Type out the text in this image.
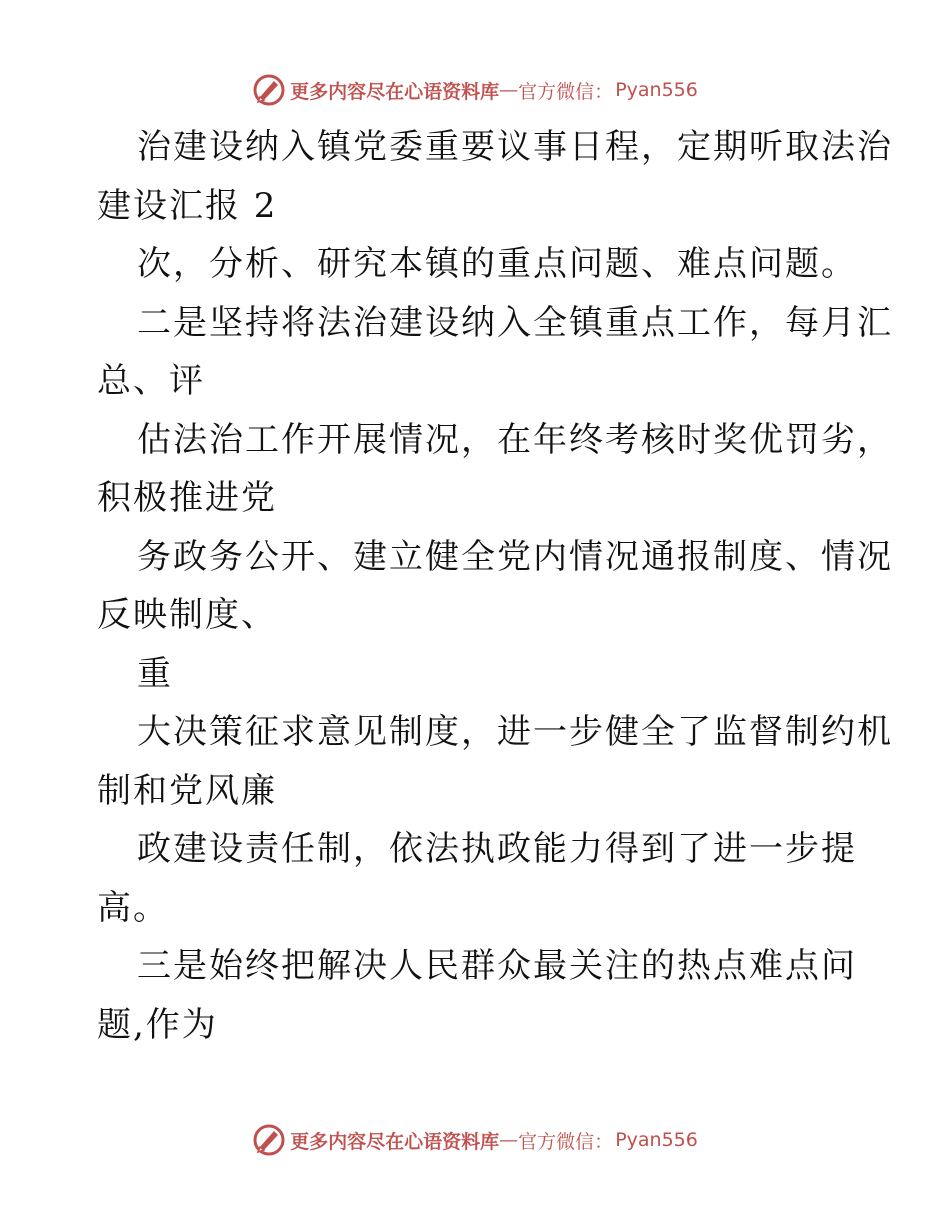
更多内容尽在心语资料库 — 官方微信： Pyan556
治建设纳入镇党委重要议事日程，定期听取法治
建设汇报 2
次，分析、研究本镇的重点问题、难点问题。
二是坚持将法治建设纳入全镇重点工作，每月汇
总、评
估法治工作开展情况，在年终考核时奖优罚劣，
积极推进党
务政务公开、建立健全党内情况通报制度、情况
反映制度、
重
大决策征求意见制度，进一步健全了监督制约机
制和党风廉
政建设责任制，依法执政能力得到了进一步提
高。
三是始终把解决人民群众最关注的热点难点问
题,作为
更多内容尽在心语资料库 — 官方微信： Pyan556
